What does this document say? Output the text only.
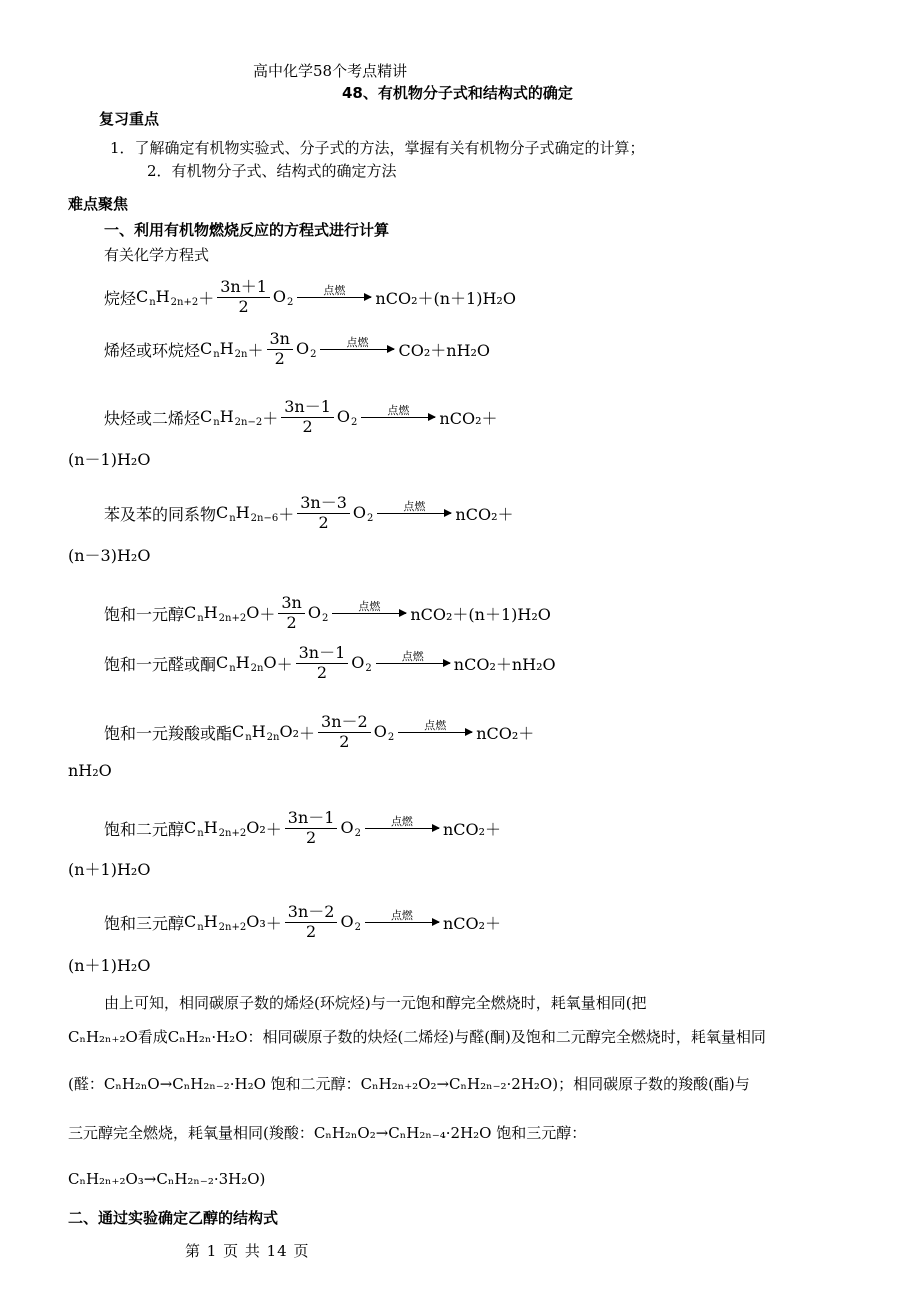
高中化学58个考点精讲
48、有机物分子式和结构式的确定
复习重点
1．了解确定有机物实验式、分子式的方法，掌握有关有机物分子式确定的计算；
2．有机物分子式、结构式的确定方法
难点聚焦
一、利用有机物燃烧反应的方程式进行计算
有关化学方程式
烷烃 $C_nH_{2n+2} + \frac{3n+1}{2} O_2$
点燃 nCO₂＋(n＋1)H₂O
烯烃或环烷烃 $C_nH_{2n} + \frac{3n}{2} O_2$
点燃 CO₂＋nH₂O
炔烃或二烯烃 $C_nH_{2n-2} + \frac{3n-1}{2} O_2$
点燃 nCO₂＋
(n－1)H₂O
苯及苯的同系物 $C_nH_{2n-6} + \frac{3n-3}{2} O_2$
点燃 nCO₂＋
(n－3)H₂O
饱和一元醇 $C_nH_{2n+2}O + \frac{3n}{2} O_2$
点燃 nCO₂＋(n＋1)H₂O
饱和一元醛或酮 $C_nH_{2n}O + \frac{3n-1}{2} O_2$
点燃 nCO₂＋nH₂O
饱和一元羧酸或酯 $C_nH_{2n}O_2 + \frac{3n-2}{2} O_2$
点燃 nCO₂＋
nH₂O
饱和二元醇 $C_nH_{2n+2}O_2 + \frac{3n-1}{2} O_2$
点燃 nCO₂＋
(n＋1)H₂O
饱和三元醇 $C_nH_{2n+2}O_3 + \frac{3n-2}{2} O_2$
点燃 nCO₂＋
(n＋1)H₂O
由上可知，相同碳原子数的烯烃(环烷烃)与一元饱和醇完全燃烧时，耗氧量相同(把
CₙH₂ₙ₊₂O看成CₙH₂ₙ·H₂O：相同碳原子数的炔烃(二烯烃)与醛(酮)及饱和二元醇完全燃烧时，耗氧量相同
(醛：CₙH₂ₙO→CₙH₂ₙ₋₂·H₂O 饱和二元醇：CₙH₂ₙ₊₂O₂→CₙH₂ₙ₋₂·2H₂O)；相同碳原子数的羧酸(酯)与
三元醇完全燃烧，耗氧量相同(羧酸：CₙH₂ₙO₂→CₙH₂ₙ₋₄·2H₂O 饱和三元醇：
CₙH₂ₙ₊₂O₃→CₙH₂ₙ₋₂·3H₂O)
二、通过实验确定乙醇的结构式
第 1 页 共 14 页
